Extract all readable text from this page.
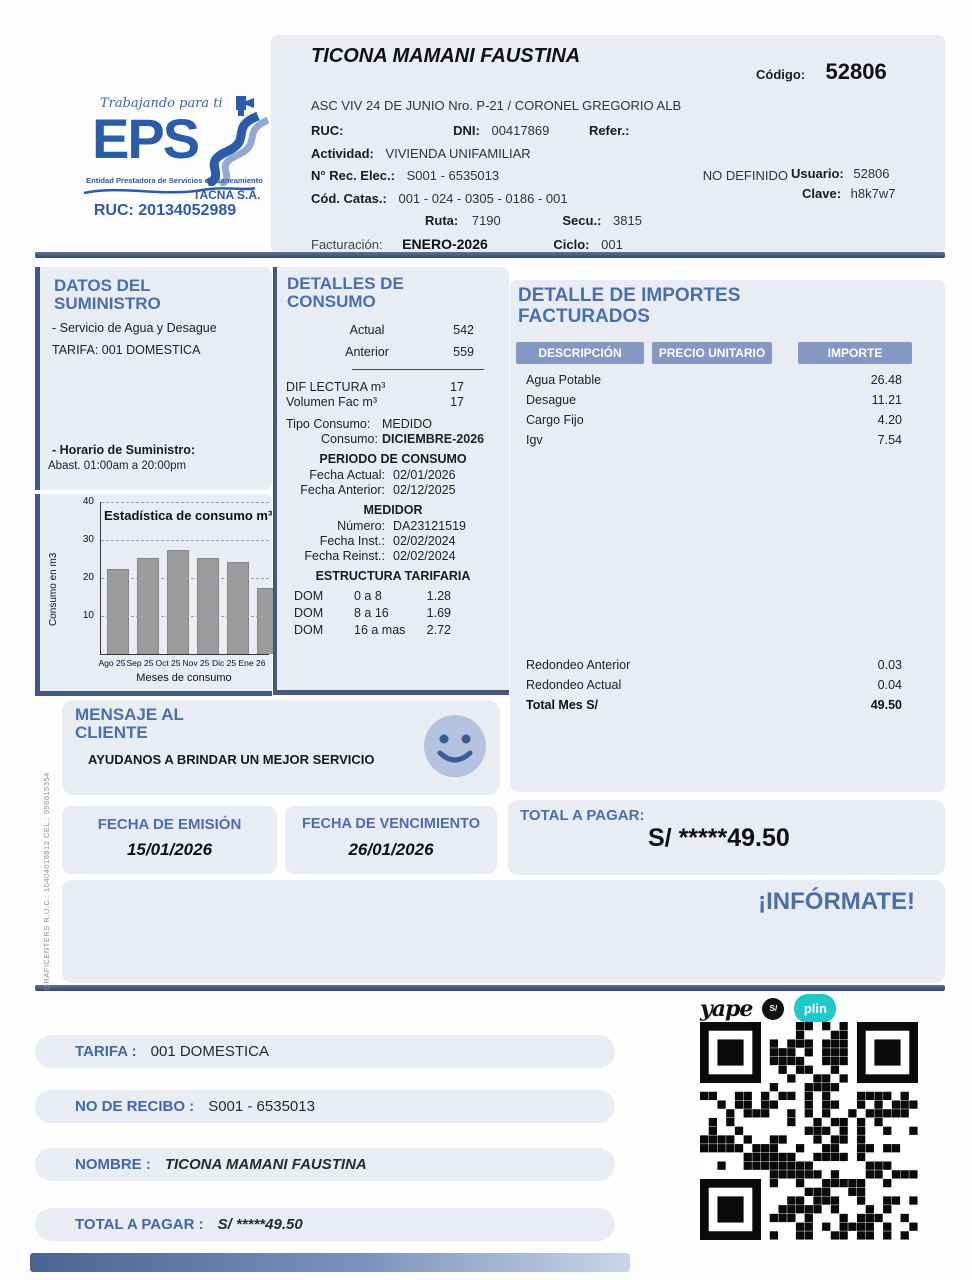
Trabajando para ti
EPS
Entidad Prestadora de Servicios de Saneamiento
TACNA S.A.
RUC: 20134052989
TICONA MAMANI FAUSTINA
Código: 52806
ASC VIV 24 DE JUNIO Nro. P-21 / CORONEL GREGORIO ALB
RUC:	DNI: 00417869	Refer.:
Actividad: VIVIENDA UNIFAMILIAR
N° Rec. Elec.: S001 - 6535013	NO DEFINIDO
Cód. Catas.: 001 - 024 - 0305 - 0186 - 001
Ruta: 7190	Secu.: 3815
Usuario: 52806
Clave: h8k7w7
Facturación: ENERO-2026	Ciclo: 001
DATOS DEL SUMINISTRO
- Servicio de Agua y Desague
TARIFA: 001 DOMESTICA
- Horario de Suministro:
Abast. 01:00am a 20:00pm
Estadística de consumo m³
Consumo en m3	10
20
30
40
Ago 25 Sep 25 Oct 25 Nov 25 Dic 25 Ene 26
Meses de consumo
DETALLES DE CONSUMO
Actual	542
Anterior	559
DIF LECTURA m³	17
Volumen Fac m³	17
Tipo Consumo: MEDIDO
Consumo: DICIEMBRE-2026
PERIODO DE CONSUMO
Fecha Actual: 02/01/2026
Fecha Anterior: 02/12/2025
MEDIDOR
Número: DA23121519
Fecha Inst.: 02/02/2024
Fecha Reinst.: 02/02/2024
ESTRUCTURA TARIFARIA
DOM 0 a 8	1.28
DOM 8 a 16	1.69
DOM 16 a mas 2.72
DETALLE DE IMPORTES FACTURADOS
DESCRIPCIÓN	PRECIO UNITARIO	IMPORTE
Agua Potable	26.48
Desague	11.21
Cargo Fijo	4.20
Igv	7.54
Redondeo Anterior	0.03
Redondeo Actual	0.04
Total Mes S/	49.50
MENSAJE AL CLIENTE
AYUDANOS A BRINDAR UN MEJOR SERVICIO
FECHA DE EMISIÓN
15/01/2026
FECHA DE VENCIMIENTO
26/01/2026
TOTAL A PAGAR:
S/ *****49.50
¡INFÓRMATE!
yape	S/	plin
TARIFA : 001 DOMESTICA
NO DE RECIBO : S001 - 6535013
NOMBRE : TICONA MAMANI FAUSTINA
TOTAL A PAGAR : S/ *****49.50
GRAFICENTERS R.U.C.: 10404018812 CEL.: 956615354
